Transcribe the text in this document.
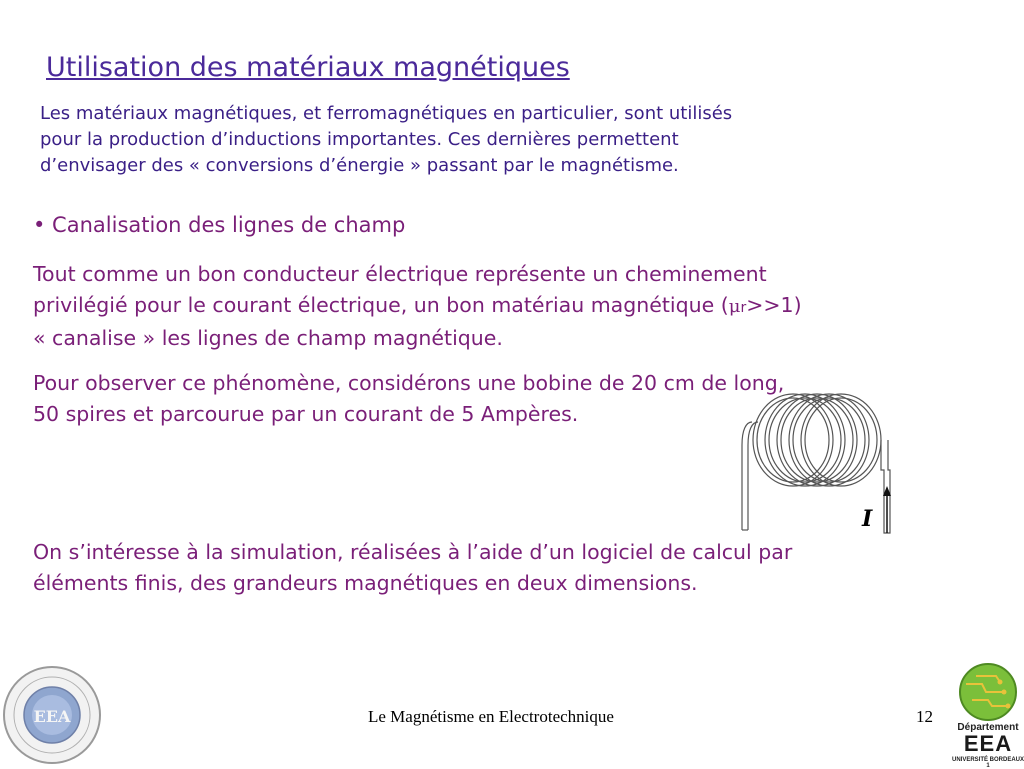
Utilisation des matériaux magnétiques

Les matériaux magnétiques, et ferromagnétiques en particulier, sont utilisés
pour la production d’inductions importantes. Ces dernières permettent
d’envisager des « conversions d’énergie » passant par le magnétisme.

• Canalisation des lignes de champ

Tout comme un bon conducteur électrique représente un cheminement
privilégié pour le courant électrique, un bon matériau magnétique (μr>>1)
« canalise » les lignes de champ magnétique.

Pour observer ce phénomène, considérons une bobine de 20 cm de long,
50 spires et parcourue par un courant de 5 Ampères.

I

On s’intéresse à la simulation, réalisées à l’aide d’un logiciel de calcul par
éléments finis, des grandeurs magnétiques en deux dimensions.

EEA	Le Magnétisme en Electrotechnique	12
Département
EEA
UNIVERSITÉ BORDEAUX 1
